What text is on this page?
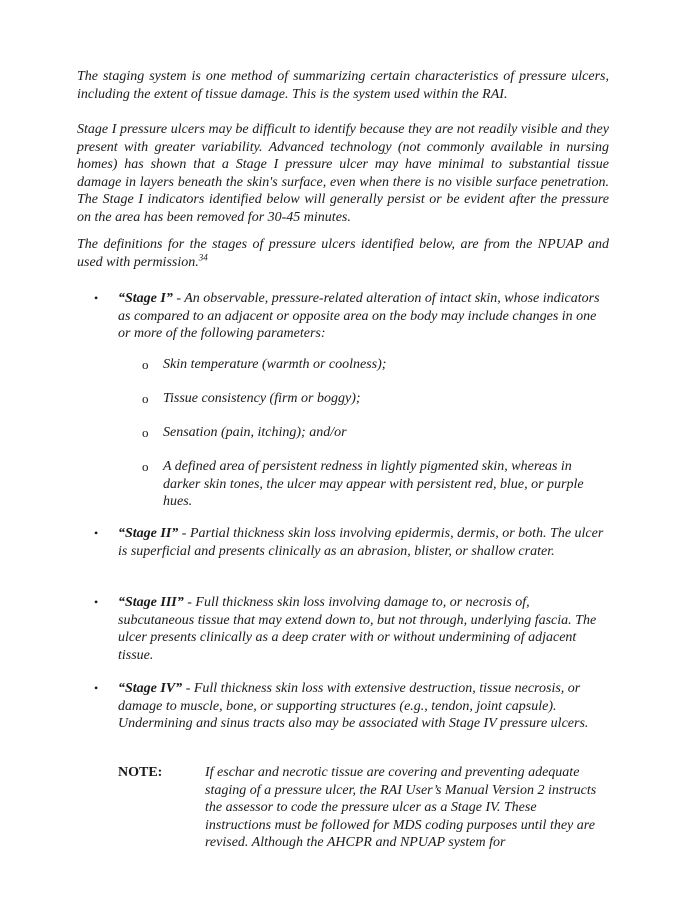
The staging system is one method of summarizing certain characteristics of pressure ulcers, including the extent of tissue damage. This is the system used within the RAI.

Stage I pressure ulcers may be difficult to identify because they are not readily visible and they present with greater variability. Advanced technology (not commonly available in nursing homes) has shown that a Stage I pressure ulcer may have minimal to substantial tissue damage in layers beneath the skin's surface, even when there is no visible surface penetration. The Stage I indicators identified below will generally persist or be evident after the pressure on the area has been removed for 30-45 minutes.

The definitions for the stages of pressure ulcers identified below, are from the NPUAP and used with permission.$^{34}$

• “Stage I” - An observable, pressure-related alteration of intact skin, whose indicators as compared to an adjacent or opposite area on the body may include changes in one or more of the following parameters:

o Skin temperature (warmth or coolness);

o Tissue consistency (firm or boggy);

o Sensation (pain, itching); and/or

o A defined area of persistent redness in lightly pigmented skin, whereas in darker skin tones, the ulcer may appear with persistent red, blue, or purple hues.

• “Stage II” - Partial thickness skin loss involving epidermis, dermis, or both. The ulcer is superficial and presents clinically as an abrasion, blister, or shallow crater.

• “Stage III” - Full thickness skin loss involving damage to, or necrosis of, subcutaneous tissue that may extend down to, but not through, underlying fascia. The ulcer presents clinically as a deep crater with or without undermining of adjacent tissue.

• “Stage IV” - Full thickness skin loss with extensive destruction, tissue necrosis, or damage to muscle, bone, or supporting structures (e.g., tendon, joint capsule). Undermining and sinus tracts also may be associated with Stage IV pressure ulcers.

NOTE:	If eschar and necrotic tissue are covering and preventing adequate staging of a pressure ulcer, the RAI User’s Manual Version 2 instructs the assessor to code the pressure ulcer as a Stage IV. These instructions must be followed for MDS coding purposes until they are revised. Although the AHCPR and NPUAP system for
